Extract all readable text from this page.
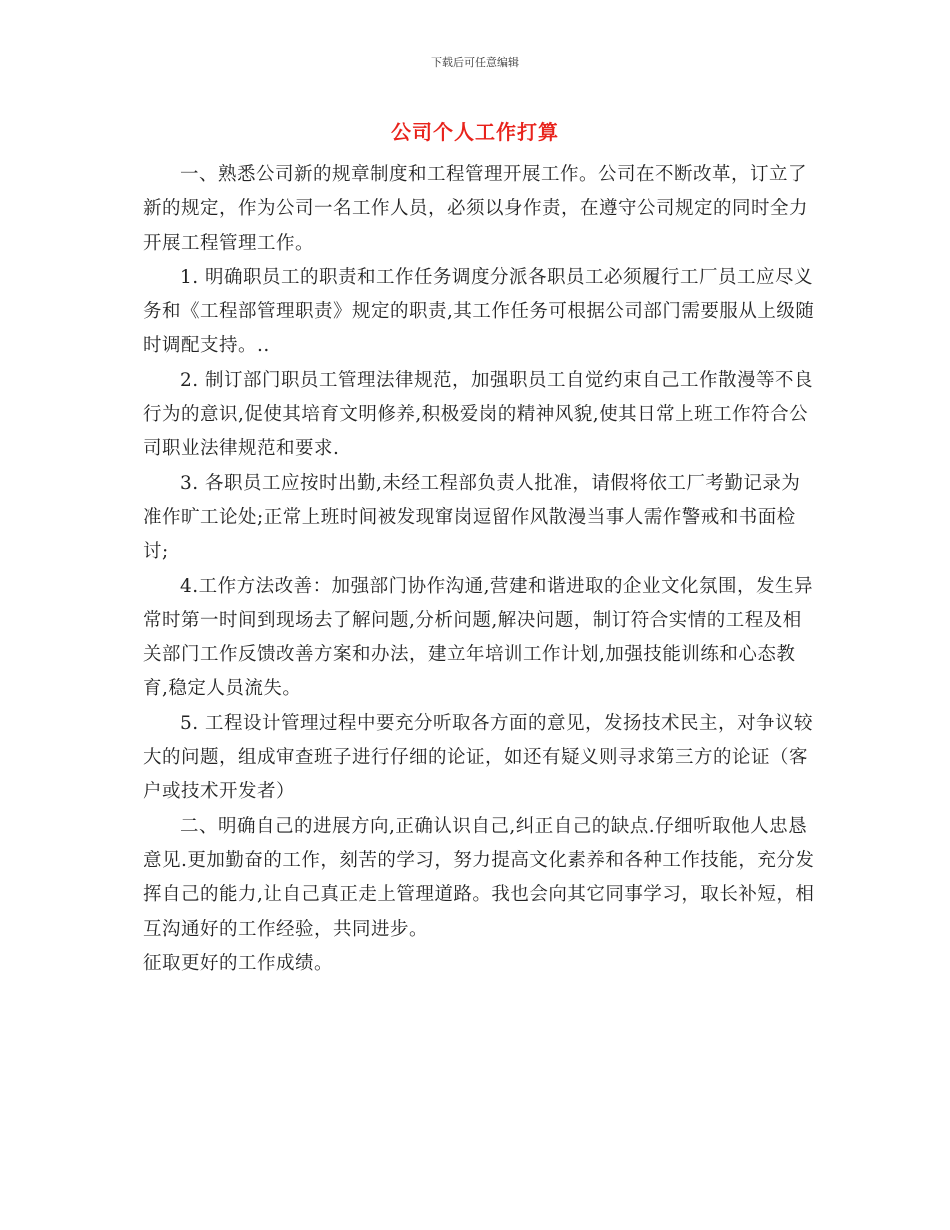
下载后可任意编辑
公司个人工作打算

一、熟悉公司新的规章制度和工程管理开展工作。公司在不断改革，订立了新的规定，作为公司一名工作人员，必须以身作责，在遵守公司规定的同时全力开展工程管理工作。

1. 明确职员工的职责和工作任务调度分派各职员工必须履行工厂员工应尽义务和《工程部管理职责》规定的职责,其工作任务可根据公司部门需要服从上级随时调配支持。..

2. 制订部门职员工管理法律规范，加强职员工自觉约束自己工作散漫等不良行为的意识,促使其培育文明修养,积极爱岗的精神风貌,使其日常上班工作符合公司职业法律规范和要求.

3. 各职员工应按时出勤,未经工程部负责人批准，请假将依工厂考勤记录为准作旷工论处;正常上班时间被发现窜岗逗留作风散漫当事人需作警戒和书面检讨;

4.工作方法改善：加强部门协作沟通,营建和谐进取的企业文化氛围，发生异常时第一时间到现场去了解问题,分析问题,解决问题，制订符合实情的工程及相关部门工作反馈改善方案和办法，建立年培训工作计划,加强技能训练和心态教育,稳定人员流失。

5. 工程设计管理过程中要充分听取各方面的意见，发扬技术民主，对争议较大的问题，组成审查班子进行仔细的论证，如还有疑义则寻求第三方的论证（客户或技术开发者）

二、明确自己的进展方向,正确认识自己,纠正自己的缺点.仔细听取他人忠恳意见.更加勤奋的工作，刻苦的学习，努力提高文化素养和各种工作技能，充分发挥自己的能力,让自己真正走上管理道路。我也会向其它同事学习，取长补短，相互沟通好的工作经验，共同进步。

征取更好的工作成绩。
